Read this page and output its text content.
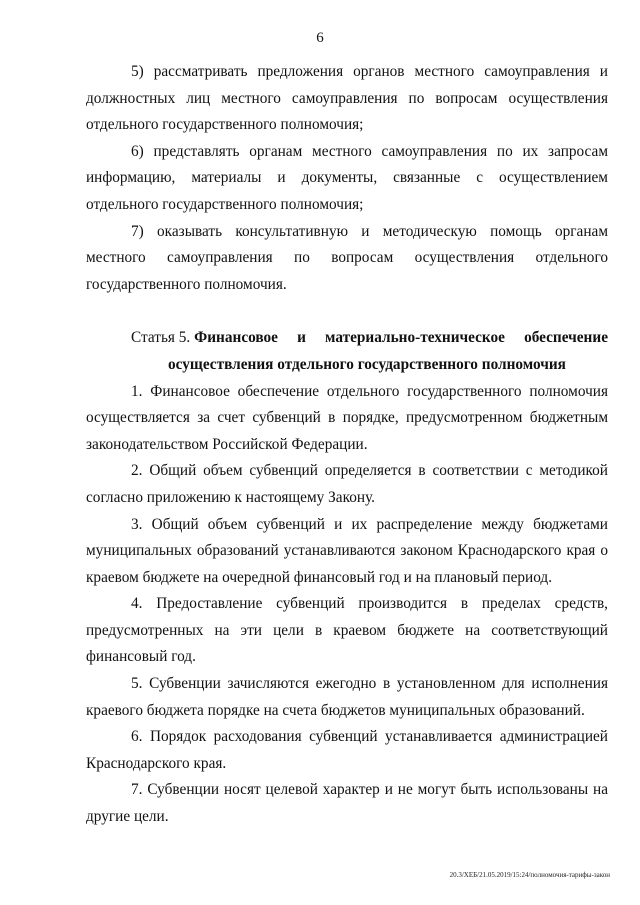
6

5) рассматривать предложения органов местного самоуправления и должностных лиц местного самоуправления по вопросам осуществления отдельного государственного полномочия;

6) представлять органам местного самоуправления по их запросам информацию, материалы и документы, связанные с осуществлением отдельного государственного полномочия;

7) оказывать консультативную и методическую помощь органам местного самоуправления по вопросам осуществления отдельного государственного полномочия.

Статья 5. Финансовое и материально-техническое обеспечение
осуществления отдельного государственного полномочия

1. Финансовое обеспечение отдельного государственного полномочия осуществляется за счет субвенций в порядке, предусмотренном бюджетным законодательством Российской Федерации.

2. Общий объем субвенций определяется в соответствии с методикой согласно приложению к настоящему Закону.

3. Общий объем субвенций и их распределение между бюджетами муниципальных образований устанавливаются законом Краснодарского края о краевом бюджете на очередной финансовый год и на плановый период.

4. Предоставление субвенций производится в пределах средств, предусмотренных на эти цели в краевом бюджете на соответствующий финансовый год.

5. Субвенции зачисляются ежегодно в установленном для исполнения краевого бюджета порядке на счета бюджетов муниципальных образований.

6. Порядок расходования субвенций устанавливается администрацией Краснодарского края.

7. Субвенции носят целевой характер и не могут быть использованы на другие цели.

20.3/ХЕБ/21.05.2019/15:24/полномочия-тарифы-закон
